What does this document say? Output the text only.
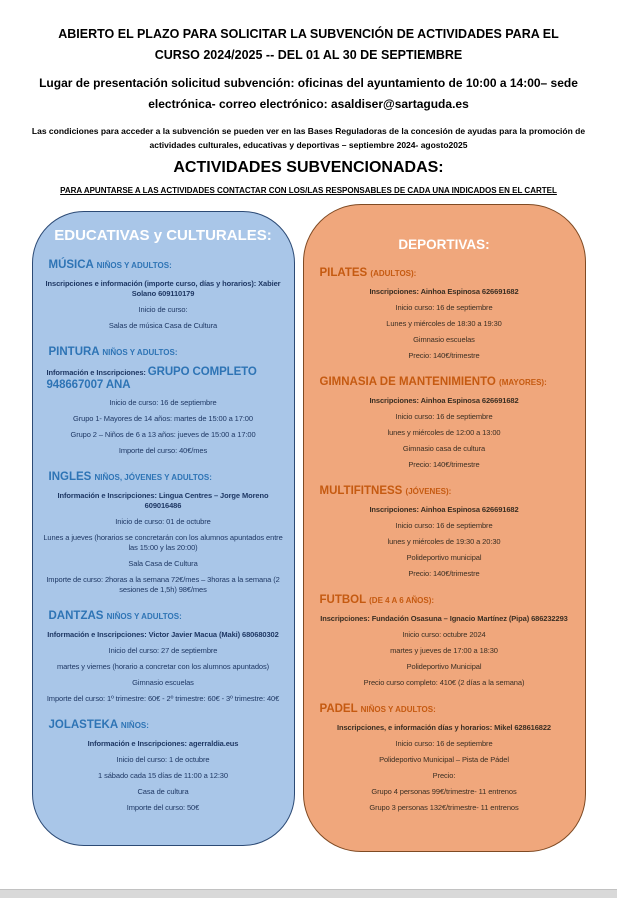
ABIERTO EL PLAZO PARA SOLICITAR LA SUBVENCIÓN DE ACTIVIDADES PARA EL CURSO 2024/2025 -- DEL 01 AL 30 DE SEPTIEMBRE
Lugar de presentación solicitud subvención: oficinas del ayuntamiento de 10:00 a 14:00– sede electrónica- correo electrónico: asaldiser@sartaguda.es
Las condiciones para acceder a la subvención se pueden ver en las Bases Reguladoras de la concesión de ayudas para la promoción de actividades culturales, educativas y deportivas – septiembre 2024- agosto2025
ACTIVIDADES SUBVENCIONADAS:
PARA APUNTARSE A LAS ACTIVIDADES CONTACTAR CON LOS/LAS RESPONSABLES DE CADA UNA INDICADOS EN EL CARTEL
EDUCATIVAS y CULTURALES:
MÚSICA NIÑOS Y ADULTOS:
Inscripciones e información (importe curso, días y horarios): Xabier Solano 609110179
Inicio de curso:
Salas de música Casa de Cultura
PINTURA NIÑOS Y ADULTOS:
Información e Inscripciones: GRUPO COMPLETO 948667007 ANA
Inicio de curso: 16 de septiembre
Grupo 1- Mayores de 14 años: martes de 15:00 a 17:00
Grupo 2 – Niños de 6 a 13 años: jueves de 15:00 a 17:00
Importe del curso: 40€/mes
INGLES NIÑOS, JÓVENES Y ADULTOS:
Información e Inscripciones: Lingua Centres – Jorge Moreno 609016486
Inicio de curso: 01 de octubre
Lunes a jueves (horarios se concretarán con los alumnos apuntados entre las 15:00 y las 20:00)
Sala Casa de Cultura
Importe de curso: 2horas a la semana 72€/mes – 3horas a la semana (2 sesiones de 1,5h) 98€/mes
DANTZAS NIÑOS Y ADULTOS:
Información e Inscripciones: Victor Javier Macua (Maki) 680680302
Inicio del curso: 27 de septiembre
martes y viernes (horario a concretar con los alumnos apuntados)
Gimnasio escuelas
Importe del curso: 1º trimestre: 60€ - 2º trimestre: 60€ - 3º trimestre: 40€
JOLASTEKA NIÑOS:
Información e Inscripciones: agerraldia.eus
Inicio del curso: 1 de octubre
1 sábado cada 15 días de 11:00 a 12:30
Casa de cultura
Importe del curso: 50€
DEPORTIVAS:
PILATES (ADULTOS):
Inscripciones: Ainhoa Espinosa 626691682
Inicio curso: 16 de septiembre
Lunes y miércoles de 18:30 a 19:30
Gimnasio escuelas
Precio: 140€/trimestre
GIMNASIA DE MANTENIMIENTO (MAYORES):
Inscripciones: Ainhoa Espinosa 626691682
Inicio curso: 16 de septiembre
lunes y miércoles de 12:00 a 13:00
Gimnasio casa de cultura
Precio: 140€/trimestre
MULTIFITNESS (JÓVENES):
Inscripciones: Ainhoa Espinosa 626691682
Inicio curso: 16 de septiembre
lunes y miércoles de 19:30 a 20:30
Polideportivo municipal
Precio: 140€/trimestre
FUTBOL (DE 4 A 6 AÑOS):
Inscripciones: Fundación Osasuna – Ignacio Martínez (Pipa) 686232293
Inicio curso: octubre 2024
martes y jueves de 17:00 a 18:30
Polideportivo Municipal
Precio curso completo: 410€ (2 días a la semana)
PADEL NIÑOS Y ADULTOS:
Inscripciones, e información días y horarios: Mikel 628616822
Inicio curso: 16 de septiembre
Polideportivo Municipal – Pista de Pádel
Precio:
Grupo 4 personas 99€/trimestre- 11 entrenos
Grupo 3 personas 132€/trimestre- 11 entrenos
